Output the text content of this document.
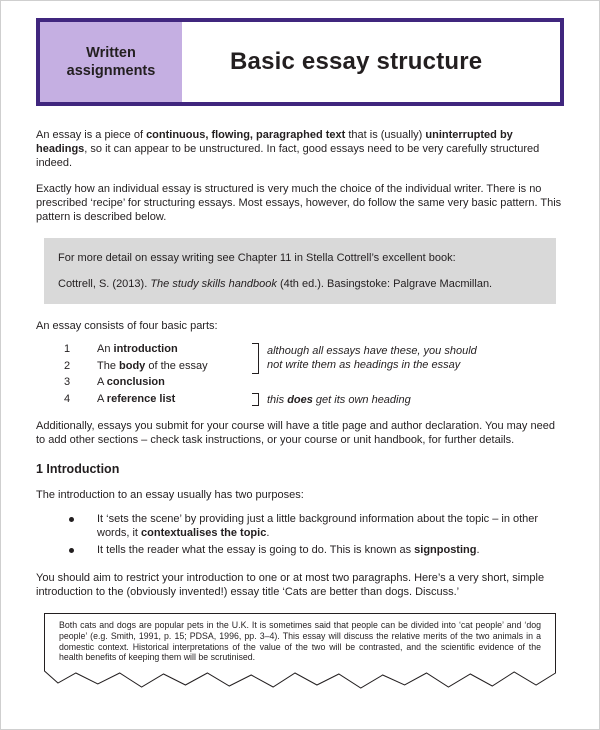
Written assignments	Basic essay structure

An essay is a piece of continuous, flowing, paragraphed text that is (usually) uninterrupted by headings, so it can appear to be unstructured. In fact, good essays need to be very carefully structured indeed.

Exactly how an individual essay is structured is very much the choice of the individual writer. There is no prescribed ‘recipe’ for structuring essays. Most essays, however, do follow the same very basic pattern. This pattern is described below.

For more detail on essay writing see Chapter 11 in Stella Cottrell’s excellent book:
Cottrell, S. (2013). The study skills handbook (4th ed.). Basingstoke: Palgrave Macmillan.

An essay consists of four basic parts:

1	An introduction
2	The body of the essay
3	A conclusion
4	A reference list
although all essays have these, you should
not write them as headings in the essay
this does get its own heading

Additionally, essays you submit for your course will have a title page and author declaration. You may need to add other sections – check task instructions, or your course or unit handbook, for further details.

1 Introduction

The introduction to an essay usually has two purposes:

It ‘sets the scene’ by providing just a little background information about the topic – in other words, it contextualises the topic.
It tells the reader what the essay is going to do. This is known as signposting.

You should aim to restrict your introduction to one or at most two paragraphs. Here’s a very short, simple introduction to the (obviously invented!) essay title ‘Cats are better than dogs. Discuss.’

Both cats and dogs are popular pets in the U.K. It is sometimes said that people can be divided into ‘cat people’ and ‘dog people’ (e.g. Smith, 1991, p. 15; PDSA, 1996, pp. 3–4). This essay will discuss the relative merits of the two animals in a domestic context. Historical interpretations of the value of the two will be contrasted, and the scientific evidence of the health benefits of keeping them will be scrutinised.
